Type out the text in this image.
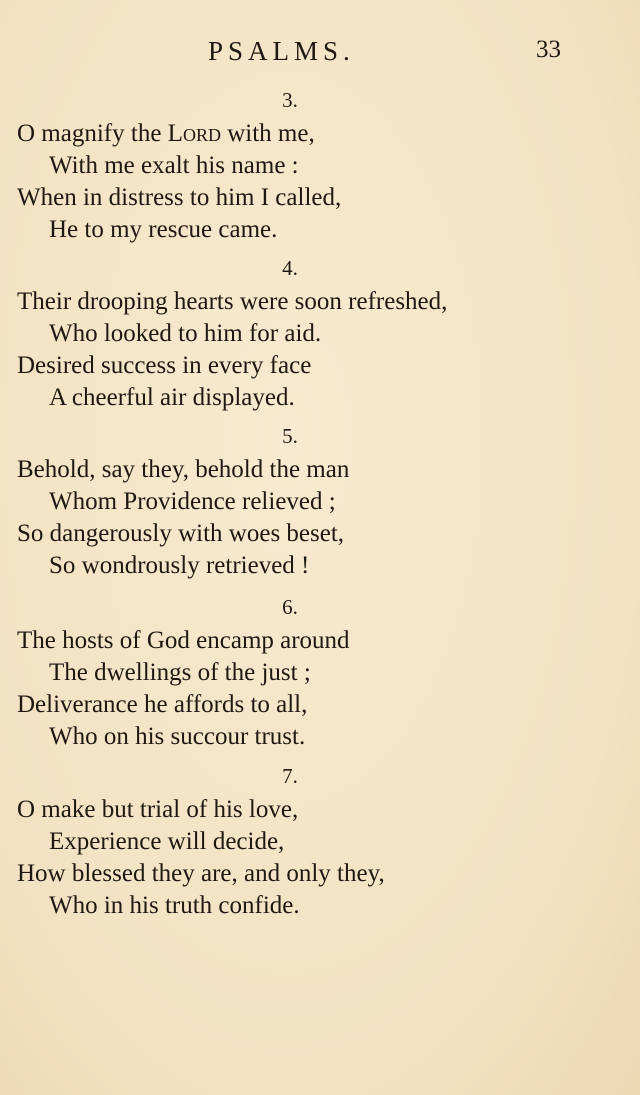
PSALMS.	33
3.
O magnify the Lord with me,
With me exalt his name :
When in distress to him I called,
He to my rescue came.
4.
Their drooping hearts were soon refreshed,
Who looked to him for aid.
Desired success in every face
A cheerful air displayed.
5.
Behold, say they, behold the man
Whom Providence relieved ;
So dangerously with woes beset,
So wondrously retrieved !
6.
The hosts of God encamp around
The dwellings of the just ;
Deliverance he affords to all,
Who on his succour trust.
7.
O make but trial of his love,
Experience will decide,
How blessed they are, and only they,
Who in his truth confide.
